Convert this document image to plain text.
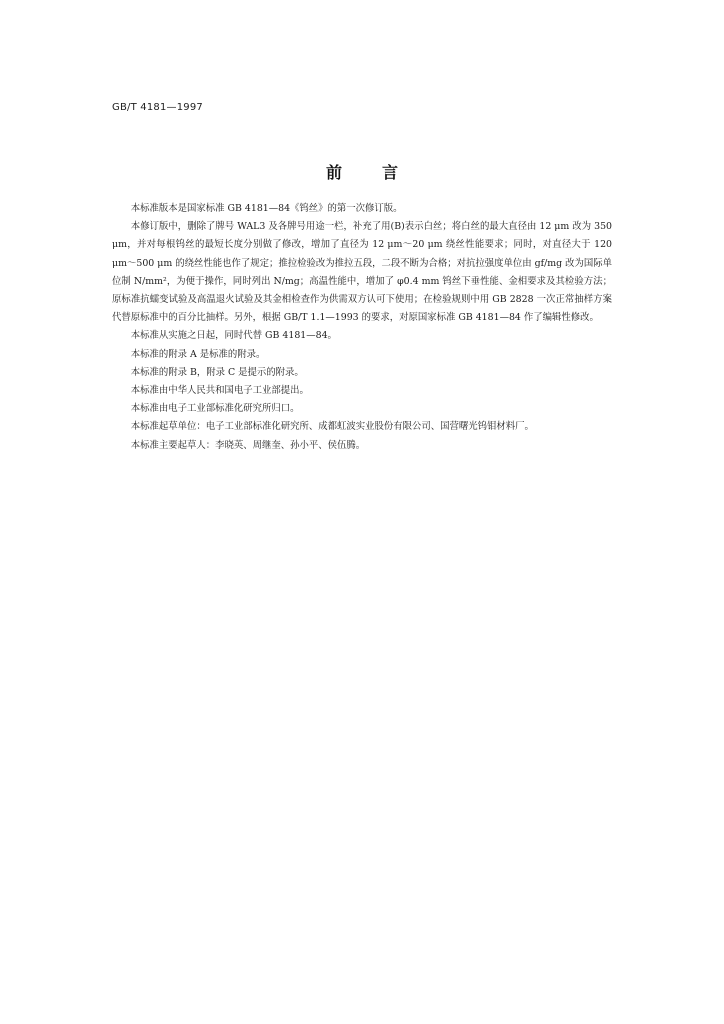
GB/T 4181—1997
前	言

本标准版本是国家标准 GB 4181—84《钨丝》的第一次修订版。

本修订版中，删除了牌号 WAL3 及各牌号用途一栏，补充了用(B)表示白丝；将白丝的最大直径由 12 μm 改为 350 μm，并对每根钨丝的最短长度分别做了修改，增加了直径为 12 μm～20 μm 绕丝性能要求；同时，对直径大于 120 μm～500 μm 的绕丝性能也作了规定；推拉检验改为推拉五段，二段不断为合格；对抗拉强度单位由 gf/mg 改为国际单位制 N/mm²，为便于操作，同时列出 N/mg；高温性能中，增加了 φ0.4 mm 钨丝下垂性能、金相要求及其检验方法；原标准抗蠕变试验及高温退火试验及其金相检查作为供需双方认可下使用；在检验规则中用 GB 2828 一次正常抽样方案代替原标准中的百分比抽样。另外，根据 GB/T 1.1—1993 的要求，对原国家标准 GB 4181—84 作了编辑性修改。

本标准从实施之日起，同时代替 GB 4181—84。

本标准的附录 A 是标准的附录。

本标准的附录 B，附录 C 是提示的附录。

本标准由中华人民共和国电子工业部提出。

本标准由电子工业部标准化研究所归口。

本标准起草单位：电子工业部标准化研究所、成都虹波实业股份有限公司、国营曙光钨钼材料厂。

本标准主要起草人：李晓英、周继奎、孙小平、侯伍腾。
